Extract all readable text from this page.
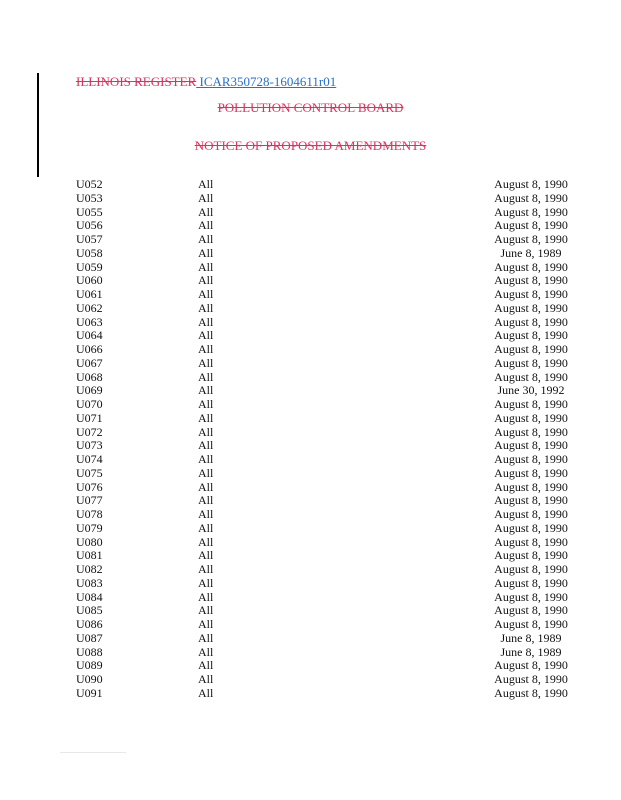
ILLINOIS REGISTER ICAR350728-1604611r01
POLLUTION CONTROL BOARD
NOTICE OF PROPOSED AMENDMENTS
U052	All	August 8, 1990
U053	All	August 8, 1990
U055	All	August 8, 1990
U056	All	August 8, 1990
U057	All	August 8, 1990
U058	All	June 8, 1989
U059	All	August 8, 1990
U060	All	August 8, 1990
U061	All	August 8, 1990
U062	All	August 8, 1990
U063	All	August 8, 1990
U064	All	August 8, 1990
U066	All	August 8, 1990
U067	All	August 8, 1990
U068	All	August 8, 1990
U069	All	June 30, 1992
U070	All	August 8, 1990
U071	All	August 8, 1990
U072	All	August 8, 1990
U073	All	August 8, 1990
U074	All	August 8, 1990
U075	All	August 8, 1990
U076	All	August 8, 1990
U077	All	August 8, 1990
U078	All	August 8, 1990
U079	All	August 8, 1990
U080	All	August 8, 1990
U081	All	August 8, 1990
U082	All	August 8, 1990
U083	All	August 8, 1990
U084	All	August 8, 1990
U085	All	August 8, 1990
U086	All	August 8, 1990
U087	All	June 8, 1989
U088	All	June 8, 1989
U089	All	August 8, 1990
U090	All	August 8, 1990
U091	All	August 8, 1990
